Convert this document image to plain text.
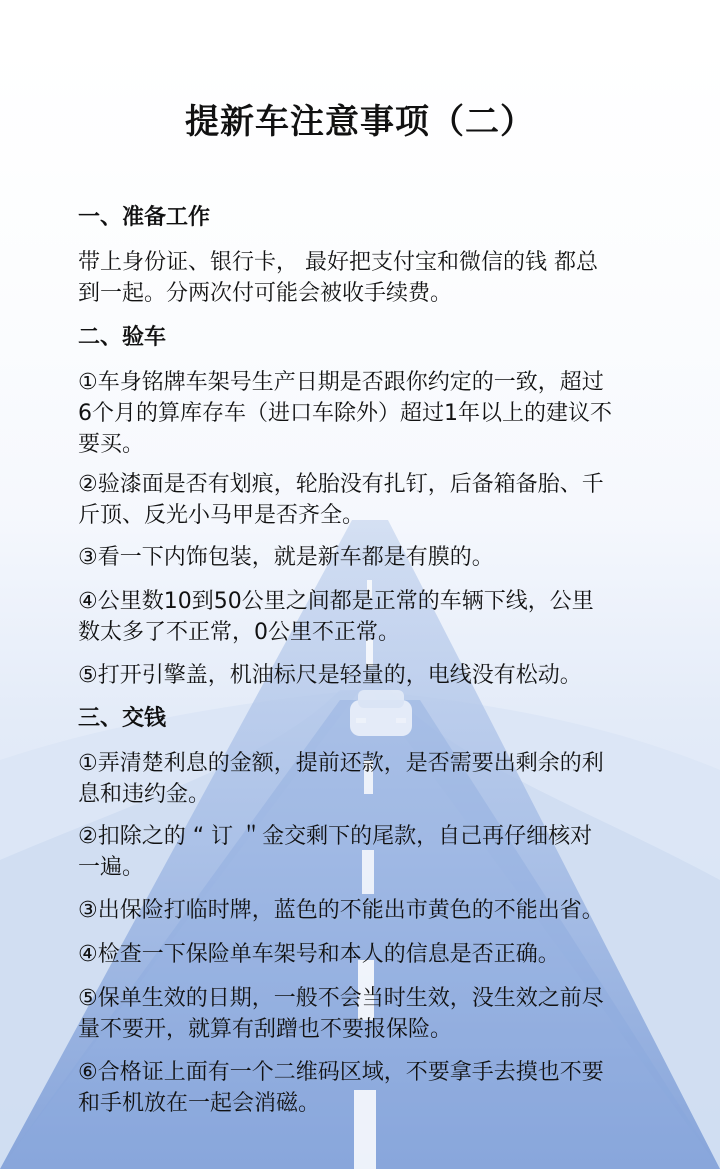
提新车注意事项（二）
一、准备工作
带上身份证、银行卡， 最好把支付宝和微信的钱 都总
到一起。分两次付可能会被收手续费。
二、验车
①车身铭牌车架号生产日期是否跟你约定的一致，超过
6个月的算库存车（进口车除外）超过1年以上的建议不
要买。
②验漆面是否有划痕，轮胎没有扎钉，后备箱备胎、千
斤顶、反光小马甲是否齐全。
③看一下内饰包装，就是新车都是有膜的。
④公里数10到50公里之间都是正常的车辆下线，公里
数太多了不正常，0公里不正常。
⑤打开引擎盖，机油标尺是轻量的，电线没有松动。
三、交钱
①弄清楚利息的金额，提前还款，是否需要出剩余的利
息和违约金。
②扣除之的 “ 订 ＂金交剩下的尾款，自己再仔细核对
一遍。
③出保险打临时牌，蓝色的不能出市黄色的不能出省。
④检查一下保险单车架号和本人的信息是否正确。
⑤保单生效的日期，一般不会当时生效，没生效之前尽
量不要开，就算有刮蹭也不要报保险。
⑥合格证上面有一个二维码区域，不要拿手去摸也不要
和手机放在一起会消磁。
